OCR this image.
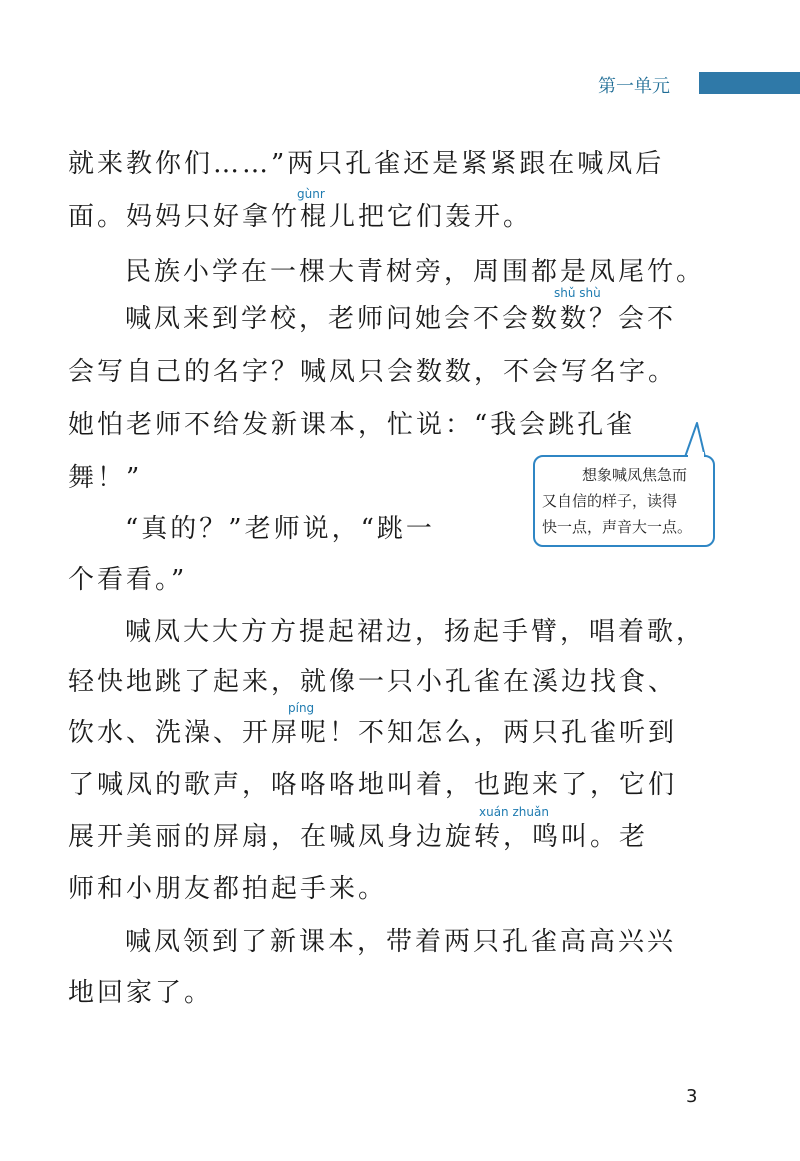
第一单元
就来教你们……”两只孔雀还是紧紧跟在喊凤后
gùnr
面。妈妈只好拿竹棍儿把它们轰开。
民族小学在一棵大青树旁，周围都是凤尾竹。
shǔ shù
喊凤来到学校，老师问她会不会数数？会不
会写自己的名字？喊凤只会数数，不会写名字。
她怕老师不给发新课本，忙说：“我会跳孔雀
舞！”	想象喊凤焦急而
又自信的样子，读得
快一点，声音大一点。
“真的？”老师说，“跳一
个看看。”
喊凤大大方方提起裙边，扬起手臂，唱着歌，
轻快地跳了起来，就像一只小孔雀在溪边找食、
píng
饮水、洗澡、开屏呢！不知怎么，两只孔雀听到
了喊凤的歌声，咯咯咯地叫着，也跑来了，它们
xuán zhuǎn
展开美丽的屏扇，在喊凤身边旋转，鸣叫。老
师和小朋友都拍起手来。
喊凤领到了新课本，带着两只孔雀高高兴兴
地回家了。
3
